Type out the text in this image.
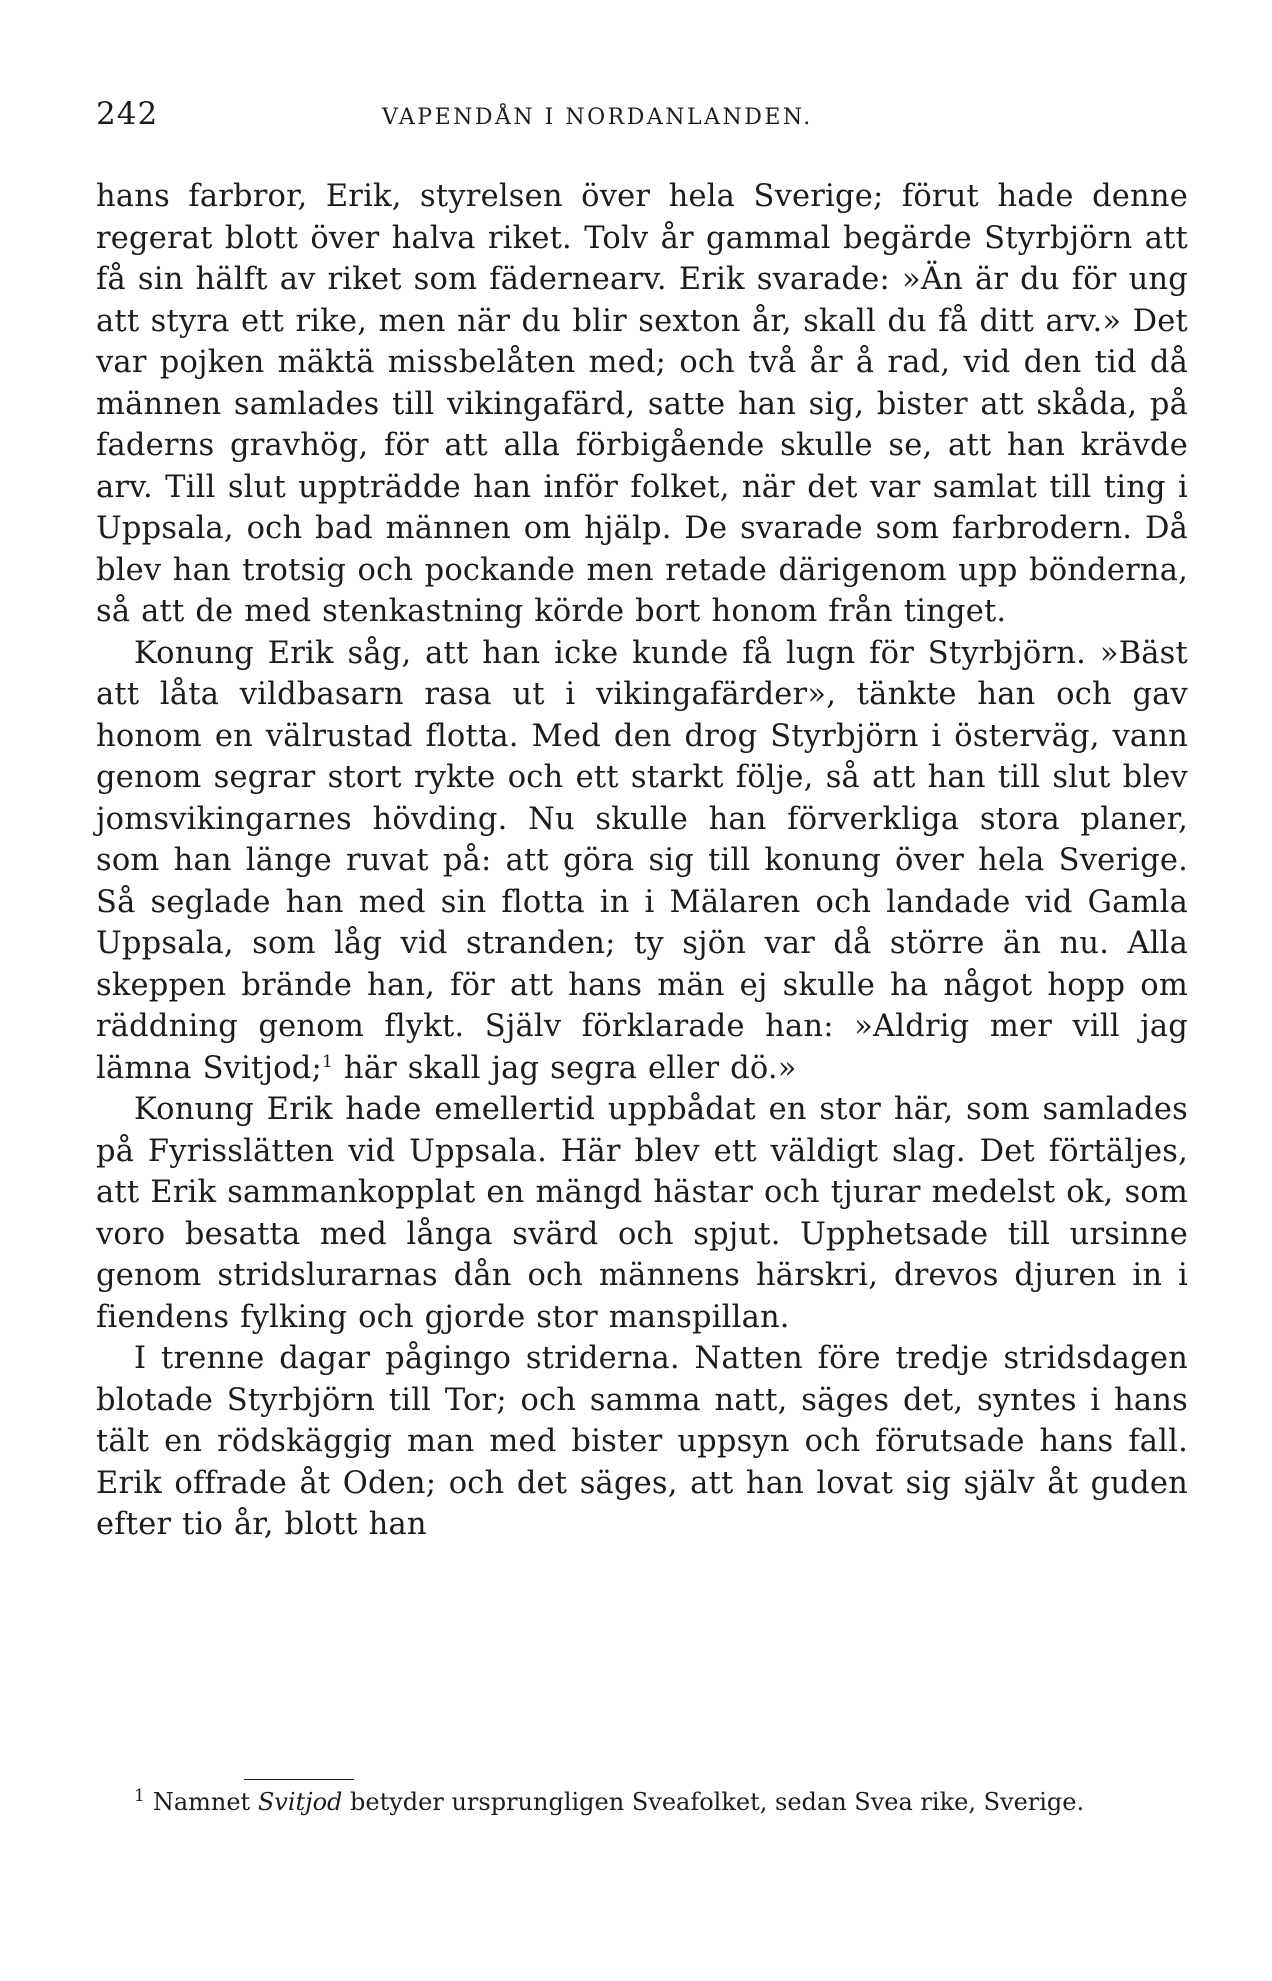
242	VAPENDÅN I NORDANLANDEN.

hans farbror, Erik, styrelsen över hela Sverige; förut hade denne regerat blott över halva riket. Tolv år gammal begärde Styrbjörn att få sin hälft av riket som fädernearv. Erik svarade: »Än är du för ung att styra ett rike, men när du blir sexton år, skall du få ditt arv.» Det var pojken mäktä missbelåten med; och två år å rad, vid den tid då männen samlades till vikingafärd, satte han sig, bister att skåda, på faderns gravhög, för att alla förbigående skulle se, att han krävde arv. Till slut uppträdde han inför folket, när det var samlat till ting i Uppsala, och bad männen om hjälp. De svarade som farbrodern. Då blev han trotsig och pockande men retade därigenom upp bönderna, så att de med stenkastning körde bort honom från tinget.

Konung Erik såg, att han icke kunde få lugn för Styrbjörn. »Bäst att låta vildbasarn rasa ut i vikingafärder», tänkte han och gav honom en välrustad flotta. Med den drog Styrbjörn i österväg, vann genom segrar stort rykte och ett starkt följe, så att han till slut blev jomsvikingarnes hövding. Nu skulle han förverkliga stora planer, som han länge ruvat på: att göra sig till konung över hela Sverige. Så seglade han med sin flotta in i Mälaren och landade vid Gamla Uppsala, som låg vid stranden; ty sjön var då större än nu. Alla skeppen brände han, för att hans män ej skulle ha något hopp om räddning genom flykt. Själv förklarade han: »Aldrig mer vill jag lämna Svitjod;$^1$ här skall jag segra eller dö.»

Konung Erik hade emellertid uppbådat en stor här, som samlades på Fyrisslätten vid Uppsala. Här blev ett väldigt slag. Det förtäljes, att Erik sammankopplat en mängd hästar och tjurar medelst ok, som voro besatta med långa svärd och spjut. Upphetsade till ursinne genom stridslurarnas dån och männens härskri, drevos djuren in i fiendens fylking och gjorde stor manspillan.

I trenne dagar pågingo striderna. Natten före tredje stridsdagen blotade Styrbjörn till Tor; och samma natt, säges det, syntes i hans tält en rödskäggig man med bister uppsyn och förutsade hans fall. Erik offrade åt Oden; och det säges, att han lovat sig själv åt guden efter tio år, blott han

$^1$ Namnet Svitjod betyder ursprungligen Sveafolket, sedan Svea rike, Sverige.
